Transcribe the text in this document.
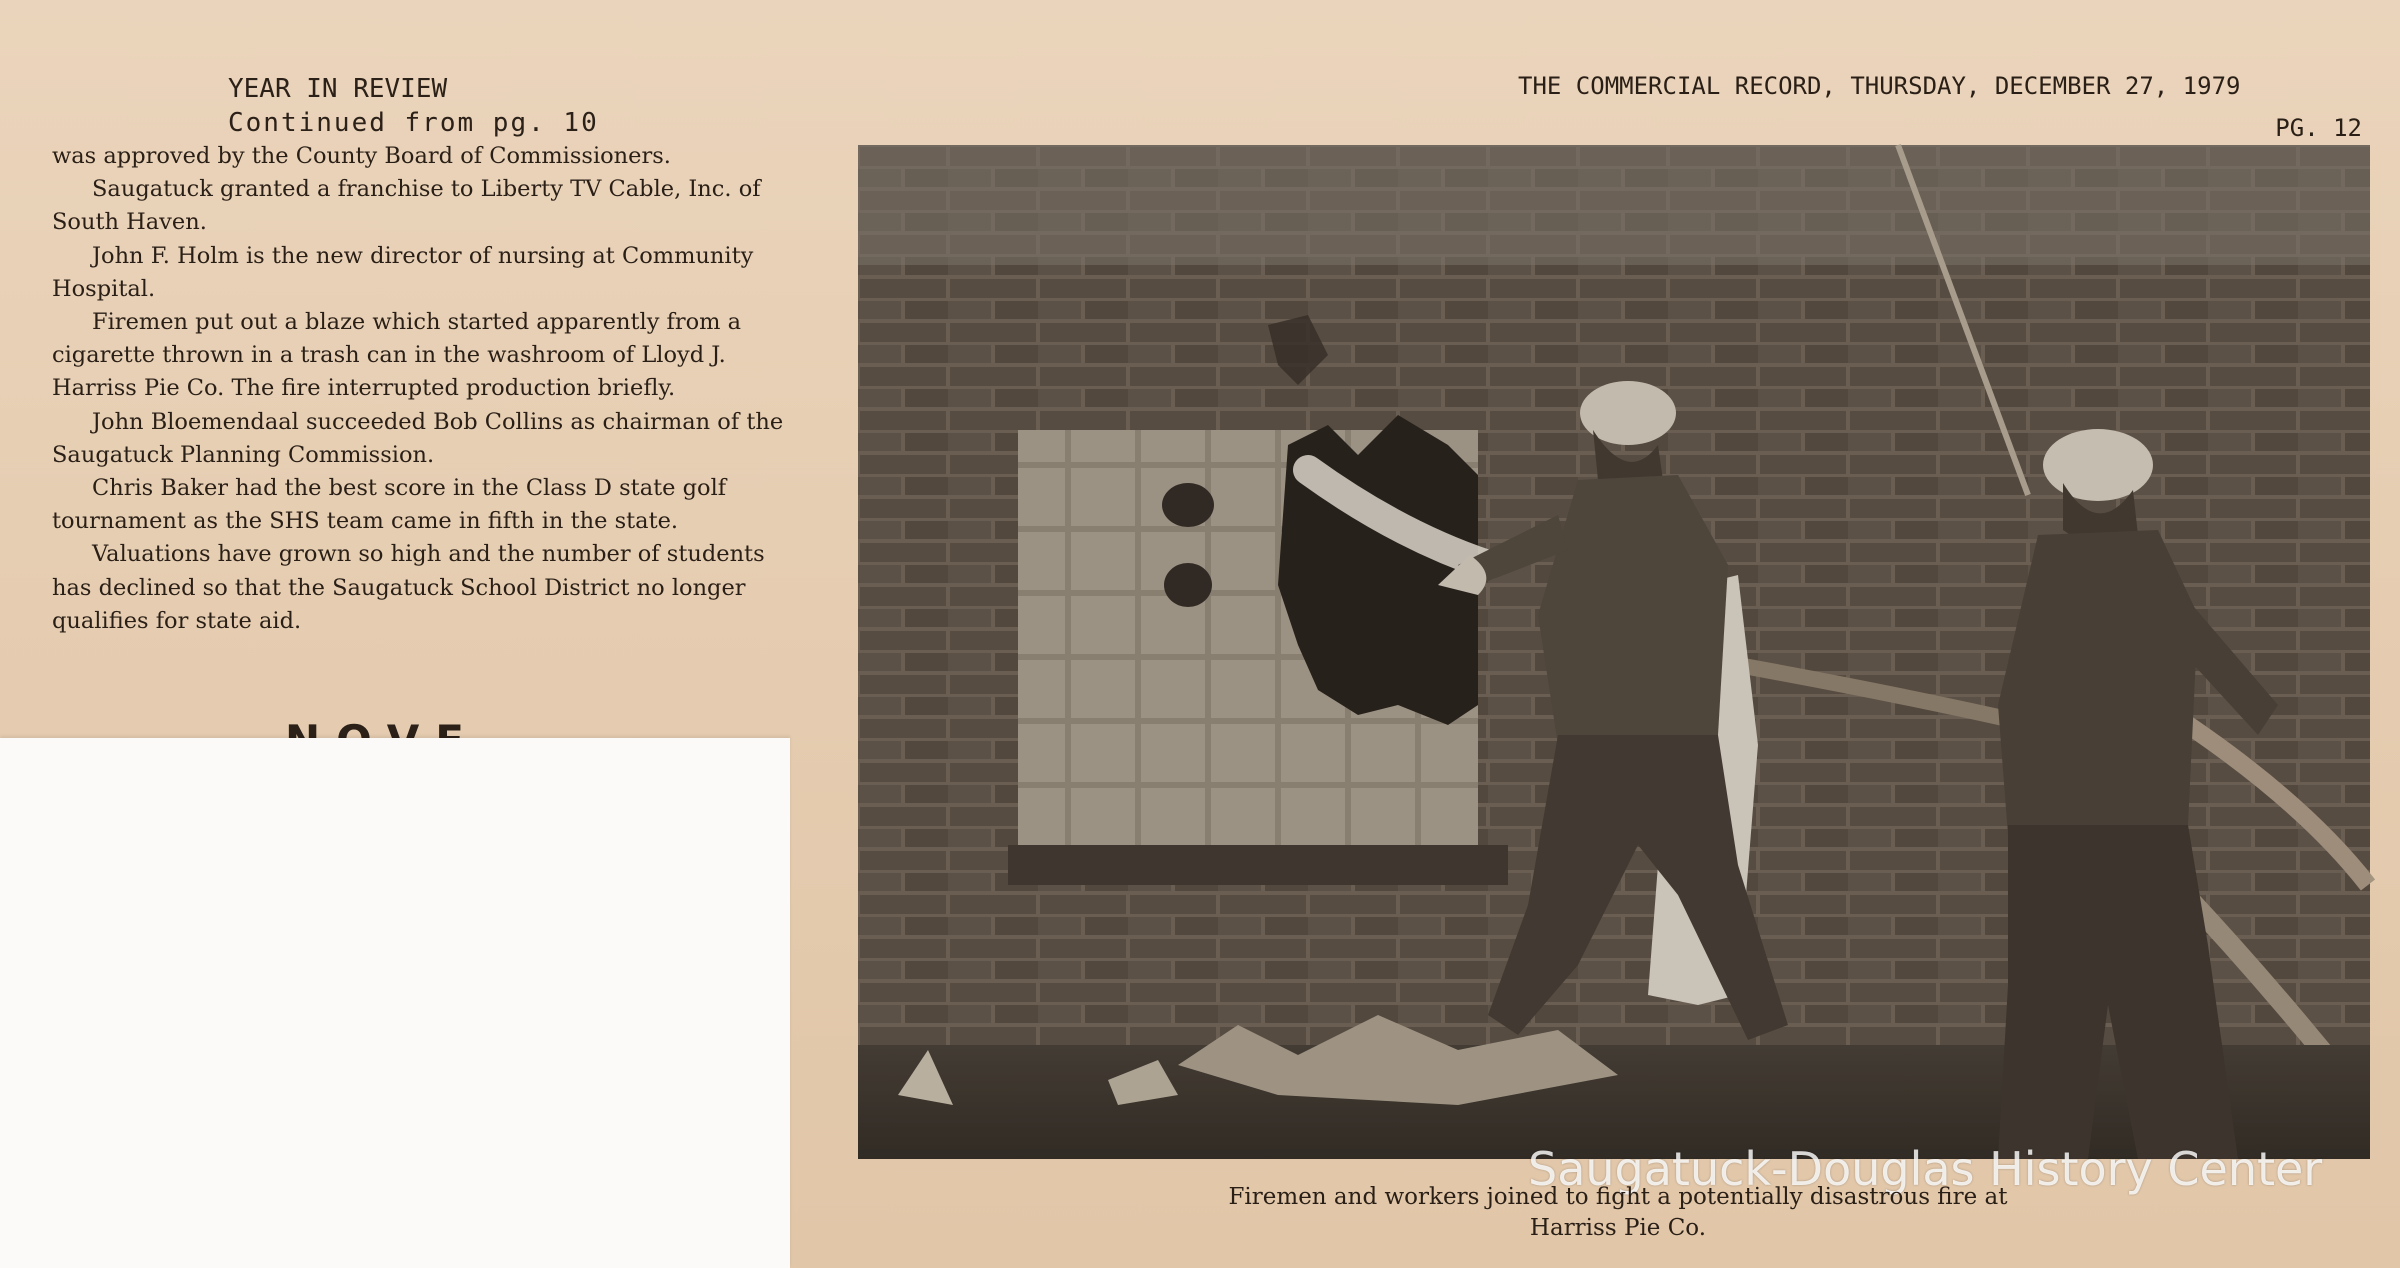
YEAR IN REVIEW
Continued from pg. 10

was approved by the County Board of Commissioners.

Saugatuck granted a franchise to Liberty TV Cable, Inc. of South Haven.

John F. Holm is the new director of nursing at Community Hospital.

Firemen put out a blaze which started apparently from a cigarette thrown in a trash can in the washroom of Lloyd J. Harriss Pie Co. The fire interrupted production briefly.

John Bloemendaal succeeded Bob Collins as chairman of the Saugatuck Planning Commission.

Chris Baker had the best score in the Class D state golf tournament as the SHS team came in fifth in the state.

Valuations have grown so high and the number of students has declined so that the Saugatuck School District no longer qualifies for state aid.

THE COMMERCIAL RECORD, THURSDAY, DECEMBER 27, 1979
PG. 12
Saugatuck-Douglas History Center
Firemen and workers joined to fight a potentially disastrous fire at Harriss Pie Co.
